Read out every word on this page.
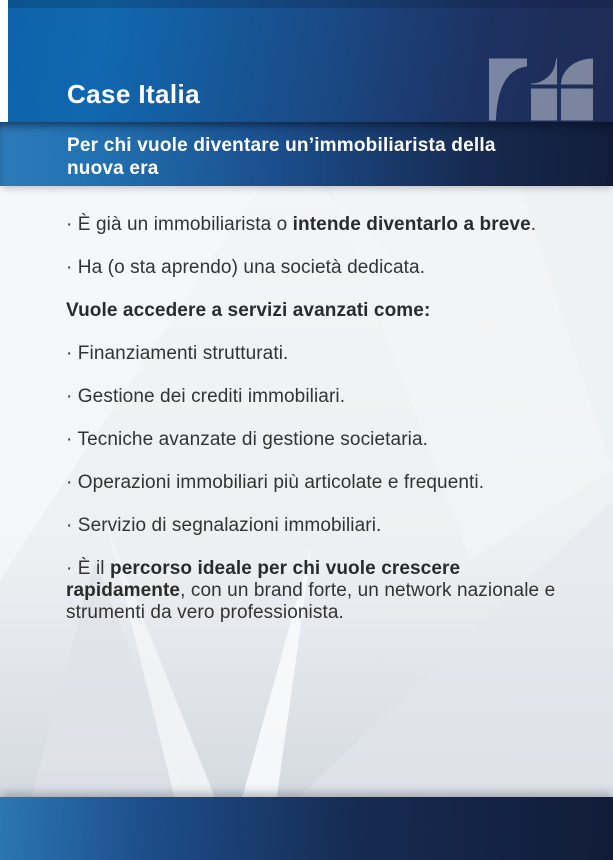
Case Italia
Per chi vuole diventare un’immobiliarista della nuova era
· È già un immobiliarista o intende diventarlo a breve.
· Ha (o sta aprendo) una società dedicata.
Vuole accedere a servizi avanzati come:
· Finanziamenti strutturati.
· Gestione dei crediti immobiliari.
· Tecniche avanzate di gestione societaria.
· Operazioni immobiliari più articolate e frequenti.
· Servizio di segnalazioni immobiliari.
· È il percorso ideale per chi vuole crescere rapidamente, con un brand forte, un network nazionale e strumenti da vero professionista.
